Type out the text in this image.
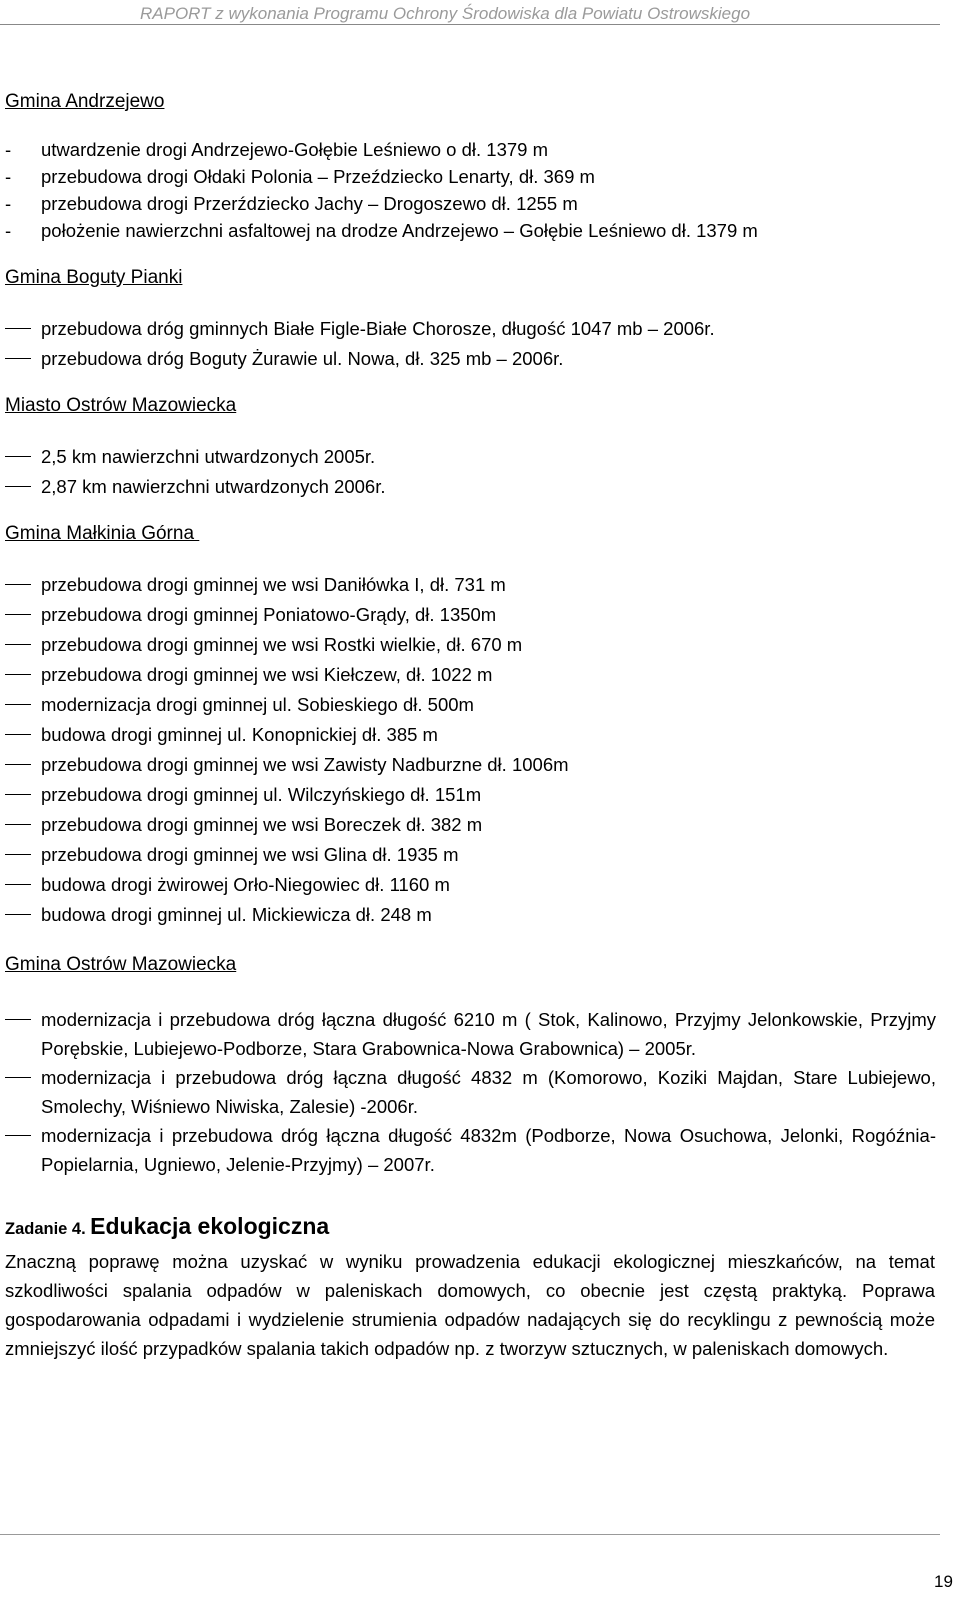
RAPORT z wykonania Programu Ochrony Środowiska dla Powiatu Ostrowskiego

Gmina Andrzejewo

-	utwardzenie drogi Andrzejewo-Gołębie Leśniewo o dł. 1379 m
-	przebudowa drogi Ołdaki Polonia – Przeździecko Lenarty, dł. 369 m
-	przebudowa drogi Przerździecko Jachy – Drogoszewo dł. 1255 m
-	położenie nawierzchni asfaltowej na drodze Andrzejewo – Gołębie Leśniewo dł. 1379 m

Gmina Boguty Pianki

przebudowa dróg gminnych Białe Figle-Białe Chorosze, długość 1047 mb – 2006r.
przebudowa dróg Boguty Żurawie ul. Nowa, dł. 325 mb – 2006r.

Miasto Ostrów Mazowiecka

2,5 km nawierzchni utwardzonych 2005r.
2,87 km nawierzchni utwardzonych 2006r.

Gmina Małkinia Górna

przebudowa drogi gminnej we wsi Daniłówka I, dł. 731 m
przebudowa drogi gminnej Poniatowo-Grądy, dł. 1350m
przebudowa drogi gminnej we wsi Rostki wielkie, dł. 670 m
przebudowa drogi gminnej we wsi Kiełczew, dł. 1022 m
modernizacja drogi gminnej ul. Sobieskiego dł. 500m
budowa drogi gminnej ul. Konopnickiej dł. 385 m
przebudowa drogi gminnej we wsi Zawisty Nadburzne dł. 1006m
przebudowa drogi gminnej ul. Wilczyńskiego dł. 151m
przebudowa drogi gminnej we wsi Boreczek dł. 382 m
przebudowa drogi gminnej we wsi Glina dł. 1935 m
budowa drogi żwirowej Orło-Niegowiec dł. 1160 m
budowa drogi gminnej ul. Mickiewicza dł. 248 m

Gmina Ostrów Mazowiecka

modernizacja i przebudowa dróg łączna długość 6210 m ( Stok, Kalinowo, Przyjmy Jelonkowskie, Przyjmy Porębskie, Lubiejewo-Podborze, Stara Grabownica-Nowa Grabownica) – 2005r.
modernizacja i przebudowa dróg łączna długość 4832 m (Komorowo, Koziki Majdan, Stare Lubiejewo, Smolechy, Wiśniewo Niwiska, Zalesie) -2006r.
modernizacja i przebudowa dróg łączna długość 4832m (Podborze, Nowa Osuchowa, Jelonki, Rogóźnia-Popielarnia, Ugniewo, Jelenie-Przyjmy) – 2007r.

Zadanie 4. Edukacja ekologiczna

Znaczną poprawę można uzyskać w wyniku prowadzenia edukacji ekologicznej mieszkańców, na temat szkodliwości spalania odpadów w paleniskach domowych, co obecnie jest częstą praktyką. Poprawa gospodarowania odpadami i wydzielenie strumienia odpadów nadających się do recyklingu z pewnością może zmniejszyć ilość przypadków spalania takich odpadów np. z tworzyw sztucznych, w paleniskach domowych.

19
